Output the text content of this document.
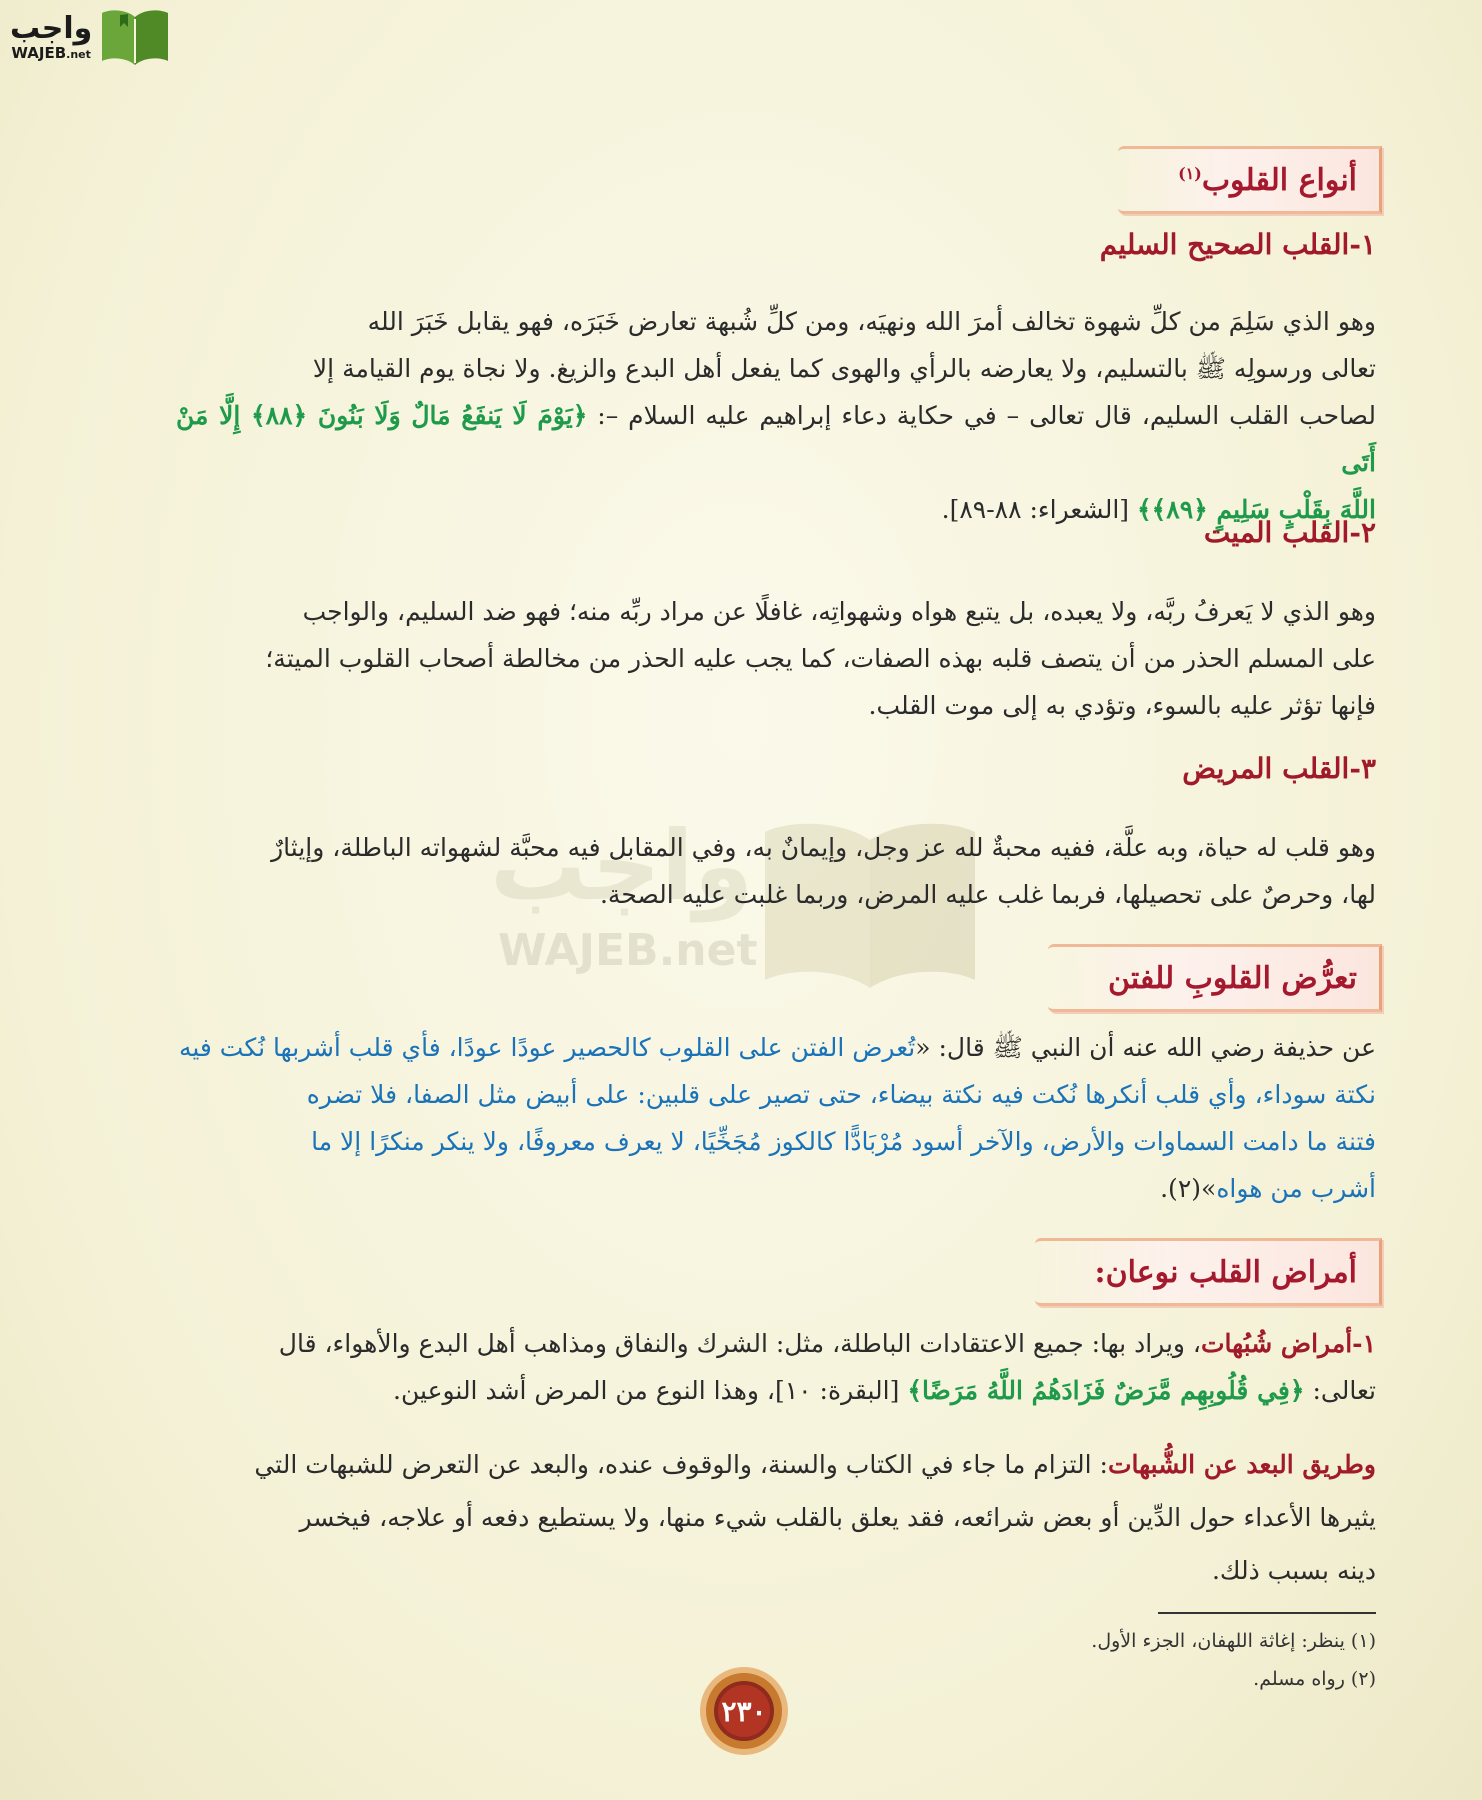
واجب
WAJEB.net
واجب
WAJEB.net
أنواع القلوب$^{(١)}$
١-القلب الصحيح السليم
وهو الذي سَلِمَ من كلِّ شهوة تخالف أمرَ الله ونهيَه، ومن كلِّ شُبهة تعارض خَبَرَه، فهو يقابل خَبَرَ الله
تعالى ورسولِه ﷺ بالتسليم، ولا يعارضه بالرأي والهوى كما يفعل أهل البدع والزيغ. ولا نجاة يوم القيامة إلا
لصاحب القلب السليم، قال تعالى – في حكاية دعاء إبراهيم عليه السلام –: ﴿يَوْمَ لَا يَنفَعُ مَالٌ وَلَا بَنُونَ ﴿٨٨﴾ إِلَّا مَنْ أَتَى
اللَّهَ بِقَلْبٍ سَلِيمٍ ﴿٨٩﴾﴾ [الشعراء: ٨٨-٨٩].
٢-القلب الميت
وهو الذي لا يَعرفُ ربَّه، ولا يعبده، بل يتبع هواه وشهواتِه، غافلًا عن مراد ربِّه منه؛ فهو ضد السليم، والواجب
على المسلم الحذر من أن يتصف قلبه بهذه الصفات، كما يجب عليه الحذر من مخالطة أصحاب القلوب الميتة؛
فإنها تؤثر عليه بالسوء، وتؤدي به إلى موت القلب.
٣-القلب المريض
وهو قلب له حياة، وبه علَّة، ففيه محبةٌ لله عز وجل، وإيمانٌ به، وفي المقابل فيه محبَّة لشهواته الباطلة، وإيثارٌ
لها، وحرصٌ على تحصيلها، فربما غلب عليه المرض، وربما غلبت عليه الصحة.
تعرُّض القلوبِ للفتن
عن حذيفة رضي الله عنه أن النبي ﷺ قال: «تُعرض الفتن على القلوب كالحصير عودًا عودًا، فأي قلب أشربها نُكت فيه
نكتة سوداء، وأي قلب أنكرها نُكت فيه نكتة بيضاء، حتى تصير على قلبين: على أبيض مثل الصفا، فلا تضره
فتنة ما دامت السماوات والأرض، والآخر أسود مُرْبَادًّا كالكوز مُجَخِّيًا، لا يعرف معروفًا، ولا ينكر منكرًا إلا ما
أشرب من هواه»(٢).
أمراض القلب نوعان:
١-أمراض شُبُهات، ويراد بها: جميع الاعتقادات الباطلة، مثل: الشرك والنفاق ومذاهب أهل البدع والأهواء، قال
تعالى: ﴿فِي قُلُوبِهِم مَّرَضٌ فَزَادَهُمُ اللَّهُ مَرَضًا﴾ [البقرة: ١٠]، وهذا النوع من المرض أشد النوعين.
وطريق البعد عن الشُّبهات: التزام ما جاء في الكتاب والسنة، والوقوف عنده، والبعد عن التعرض للشبهات التي
يثيرها الأعداء حول الدِّين أو بعض شرائعه، فقد يعلق بالقلب شيء منها، ولا يستطيع دفعه أو علاجه، فيخسر
دينه بسبب ذلك.
(١) ينظر: إغاثة اللهفان، الجزء الأول.
(٢) رواه مسلم.
٢٣٠
